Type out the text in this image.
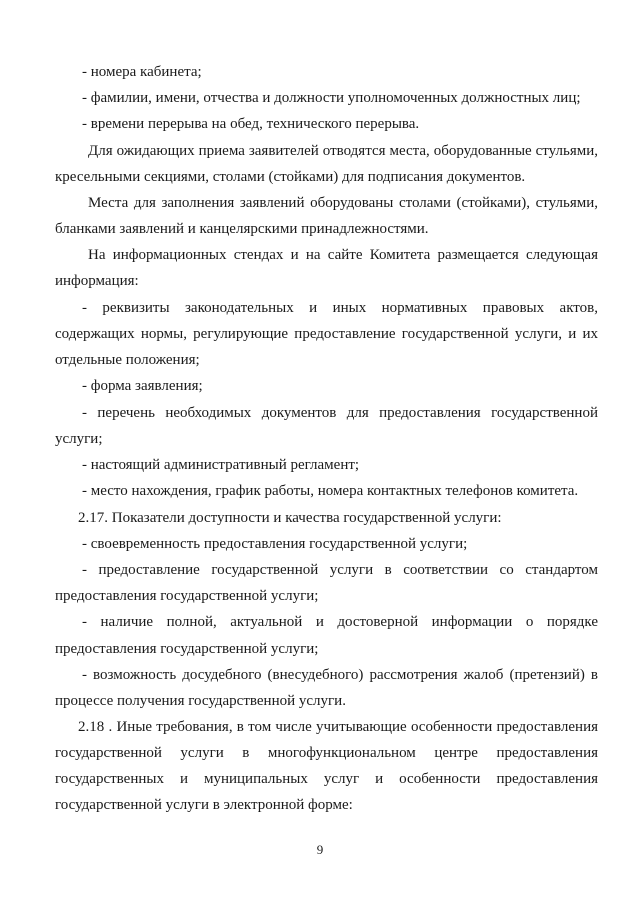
- номера кабинета;
- фамилии, имени, отчества и должности уполномоченных должностных лиц;
- времени перерыва на обед, технического перерыва.
Для ожидающих приема заявителей отводятся места, оборудованные стульями,
кресельными секциями, столами (стойками) для подписания документов.
Места для заполнения заявлений оборудованы столами (стойками), стульями,
бланками заявлений и канцелярскими принадлежностями.
На информационных стендах и на сайте Комитета размещается следующая
информация:
- реквизиты законодательных и иных нормативных правовых актов,
содержащих нормы, регулирующие предоставление государственной услуги, и их
отдельные положения;
- форма заявления;
- перечень необходимых документов для предоставления государственной
услуги;
- настоящий административный регламент;
- место нахождения, график работы, номера контактных телефонов комитета.
2.17. Показатели доступности и качества государственной услуги:
- своевременность предоставления государственной услуги;
- предоставление государственной услуги в соответствии со стандартом
предоставления государственной услуги;
- наличие полной, актуальной и достоверной информации о порядке
предоставления государственной услуги;
- возможность досудебного (внесудебного) рассмотрения жалоб (претензий) в
процессе получения государственной услуги.
2.18 . Иные требования, в том числе учитывающие особенности предоставления
государственной услуги в многофункциональном центре предоставления
государственных и муниципальных услуг и особенности предоставления
государственной услуги в электронной форме:
9
